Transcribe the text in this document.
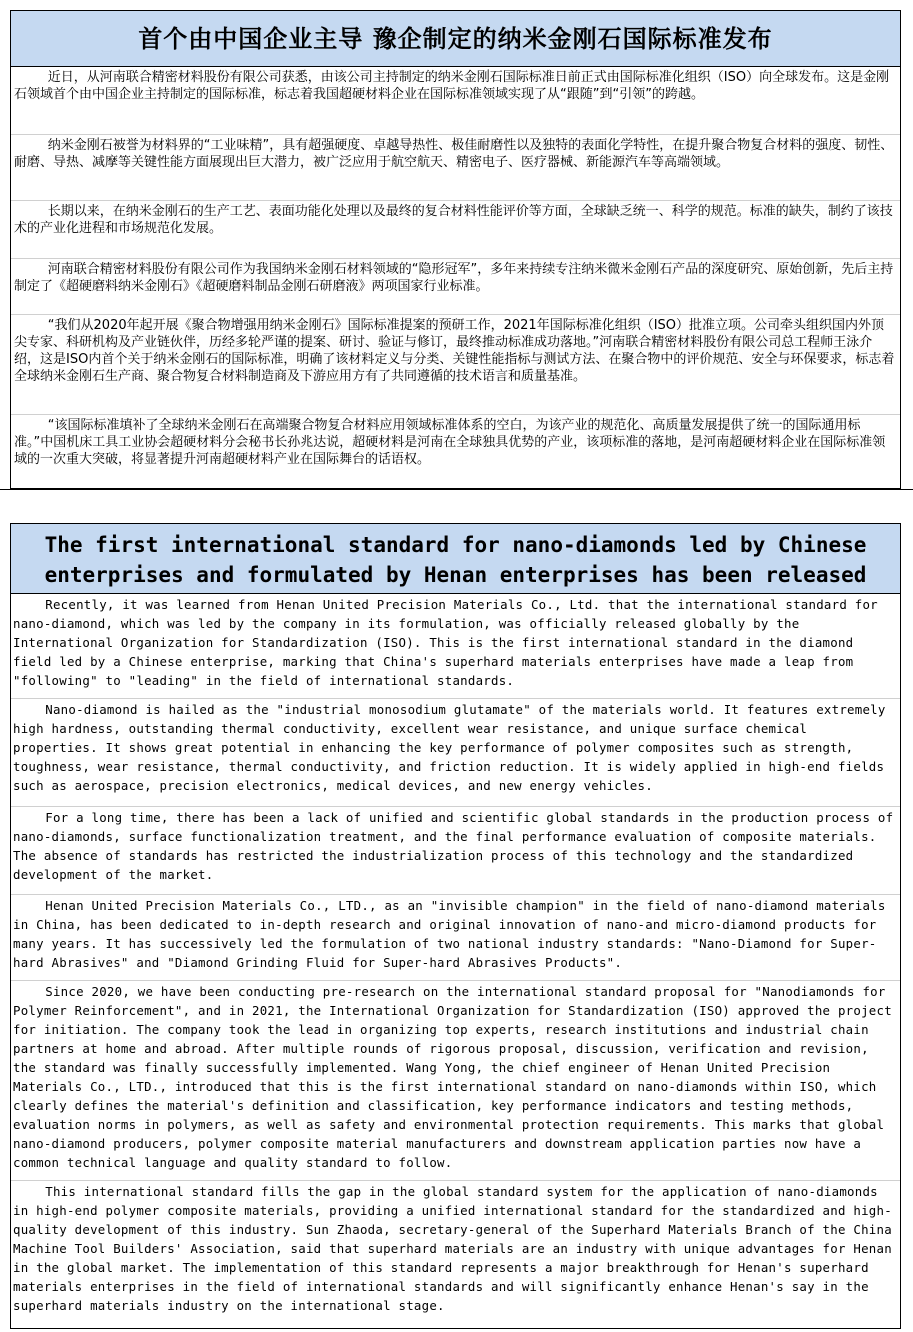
首个由中国企业主导 豫企制定的纳米金刚石国际标准发布
近日，从河南联合精密材料股份有限公司获悉，由该公司主持制定的纳米金刚石国际标准日前正式由国际标准化组织（ISO）向全球发布。这是金刚石领域首个由中国企业主持制定的国际标准，标志着我国超硬材料企业在国际标准领域实现了从“跟随”到“引领”的跨越。
纳米金刚石被誉为材料界的“工业味精”，具有超强硬度、卓越导热性、极佳耐磨性以及独特的表面化学特性，在提升聚合物复合材料的强度、韧性、耐磨、导热、减摩等关键性能方面展现出巨大潜力，被广泛应用于航空航天、精密电子、医疗器械、新能源汽车等高端领域。
长期以来，在纳米金刚石的生产工艺、表面功能化处理以及最终的复合材料性能评价等方面，全球缺乏统一、科学的规范。标准的缺失，制约了该技术的产业化进程和市场规范化发展。
河南联合精密材料股份有限公司作为我国纳米金刚石材料领域的“隐形冠军”，多年来持续专注纳米微米金刚石产品的深度研究、原始创新，先后主持制定了《超硬磨料纳米金刚石》《超硬磨料制品金刚石研磨液》两项国家行业标准。
“我们从2020年起开展《聚合物增强用纳米金刚石》国际标准提案的预研工作，2021年国际标准化组织（ISO）批准立项。公司牵头组织国内外顶尖专家、科研机构及产业链伙伴，历经多轮严谨的提案、研讨、验证与修订，最终推动标准成功落地。”河南联合精密材料股份有限公司总工程师王泳介绍，这是ISO内首个关于纳米金刚石的国际标准，明确了该材料定义与分类、关键性能指标与测试方法、在聚合物中的评价规范、安全与环保要求，标志着全球纳米金刚石生产商、聚合物复合材料制造商及下游应用方有了共同遵循的技术语言和质量基准。
“该国际标准填补了全球纳米金刚石在高端聚合物复合材料应用领域标准体系的空白，为该产业的规范化、高质量发展提供了统一的国际通用标准。”中国机床工具工业协会超硬材料分会秘书长孙兆达说，超硬材料是河南在全球独具优势的产业，该项标准的落地，是河南超硬材料企业在国际标准领域的一次重大突破，将显著提升河南超硬材料产业在国际舞台的话语权。
The first international standard for nano-diamonds led by Chinese enterprises and formulated by Henan enterprises has been released
Recently, it was learned from Henan United Precision Materials Co., Ltd. that the international standard for nano-diamond, which was led by the company in its formulation, was officially released globally by the International Organization for Standardization (ISO). This is the first international standard in the diamond field led by a Chinese enterprise, marking that China's superhard materials enterprises have made a leap from "following" to "leading" in the field of international standards.
Nano-diamond is hailed as the "industrial monosodium glutamate" of the materials world. It features extremely high hardness, outstanding thermal conductivity, excellent wear resistance, and unique surface chemical properties. It shows great potential in enhancing the key performance of polymer composites such as strength, toughness, wear resistance, thermal conductivity, and friction reduction. It is widely applied in high-end fields such as aerospace, precision electronics, medical devices, and new energy vehicles.
For a long time, there has been a lack of unified and scientific global standards in the production process of nano-diamonds, surface functionalization treatment, and the final performance evaluation of composite materials. The absence of standards has restricted the industrialization process of this technology and the standardized development of the market.
Henan United Precision Materials Co., LTD., as an "invisible champion" in the field of nano-diamond materials in China, has been dedicated to in-depth research and original innovation of nano-and micro-diamond products for many years. It has successively led the formulation of two national industry standards: "Nano-Diamond for Super-hard Abrasives" and "Diamond Grinding Fluid for Super-hard Abrasives Products".
Since 2020, we have been conducting pre-research on the international standard proposal for "Nanodiamonds for Polymer Reinforcement", and in 2021, the International Organization for Standardization (ISO) approved the project for initiation. The company took the lead in organizing top experts, research institutions and industrial chain partners at home and abroad. After multiple rounds of rigorous proposal, discussion, verification and revision, the standard was finally successfully implemented. Wang Yong, the chief engineer of Henan United Precision Materials Co., LTD., introduced that this is the first international standard on nano-diamonds within ISO, which clearly defines the material's definition and classification, key performance indicators and testing methods, evaluation norms in polymers, as well as safety and environmental protection requirements. This marks that global nano-diamond producers, polymer composite material manufacturers and downstream application parties now have a common technical language and quality standard to follow.
This international standard fills the gap in the global standard system for the application of nano-diamonds in high-end polymer composite materials, providing a unified international standard for the standardized and high-quality development of this industry. Sun Zhaoda, secretary-general of the Superhard Materials Branch of the China Machine Tool Builders' Association, said that superhard materials are an industry with unique advantages for Henan in the global market. The implementation of this standard represents a major breakthrough for Henan's superhard materials enterprises in the field of international standards and will significantly enhance Henan's say in the superhard materials industry on the international stage.
